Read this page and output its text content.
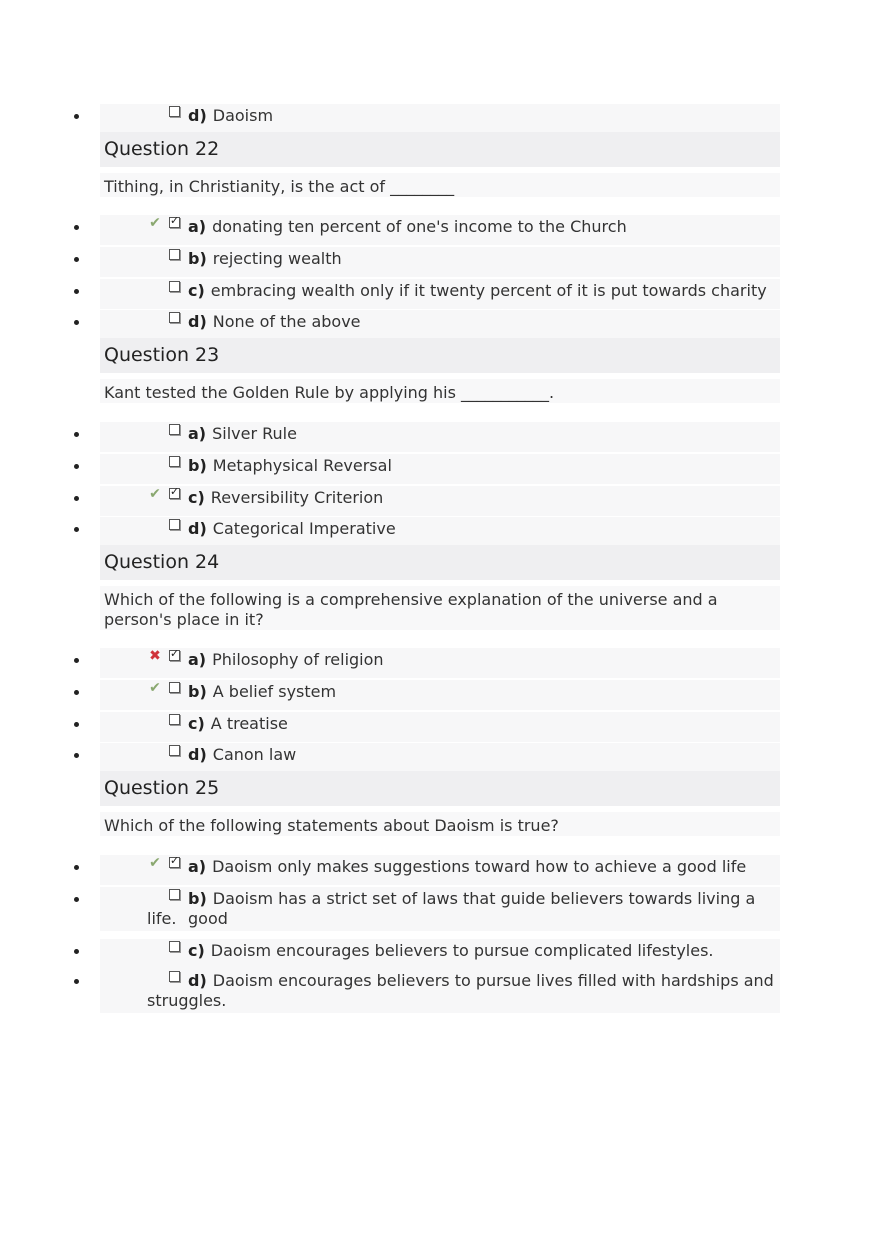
d) Daoism
Question 22
Tithing, in Christianity, is the act of ________
✔ ✓ a) donating ten percent of one's income to the Church
b) rejecting wealth
c) embracing wealth only if it twenty percent of it is put towards charity
d) None of the above
Question 23
Kant tested the Golden Rule by applying his ___________.
a) Silver Rule
b) Metaphysical Reversal
✔ ✓ c) Reversibility Criterion
d) Categorical Imperative
Question 24
Which of the following is a comprehensive explanation of the universe and a person's place in it?
✖ ✓ a) Philosophy of religion
✔ b) A belief system
c) A treatise
d) Canon law
Question 25
Which of the following statements about Daoism is true?
✔ ✓ a) Daoism only makes suggestions toward how to achieve a good life
b) Daoism has a strict set of laws that guide believers towards living a good
life.
c) Daoism encourages believers to pursue complicated lifestyles.
d) Daoism encourages believers to pursue lives filled with hardships and
struggles.
